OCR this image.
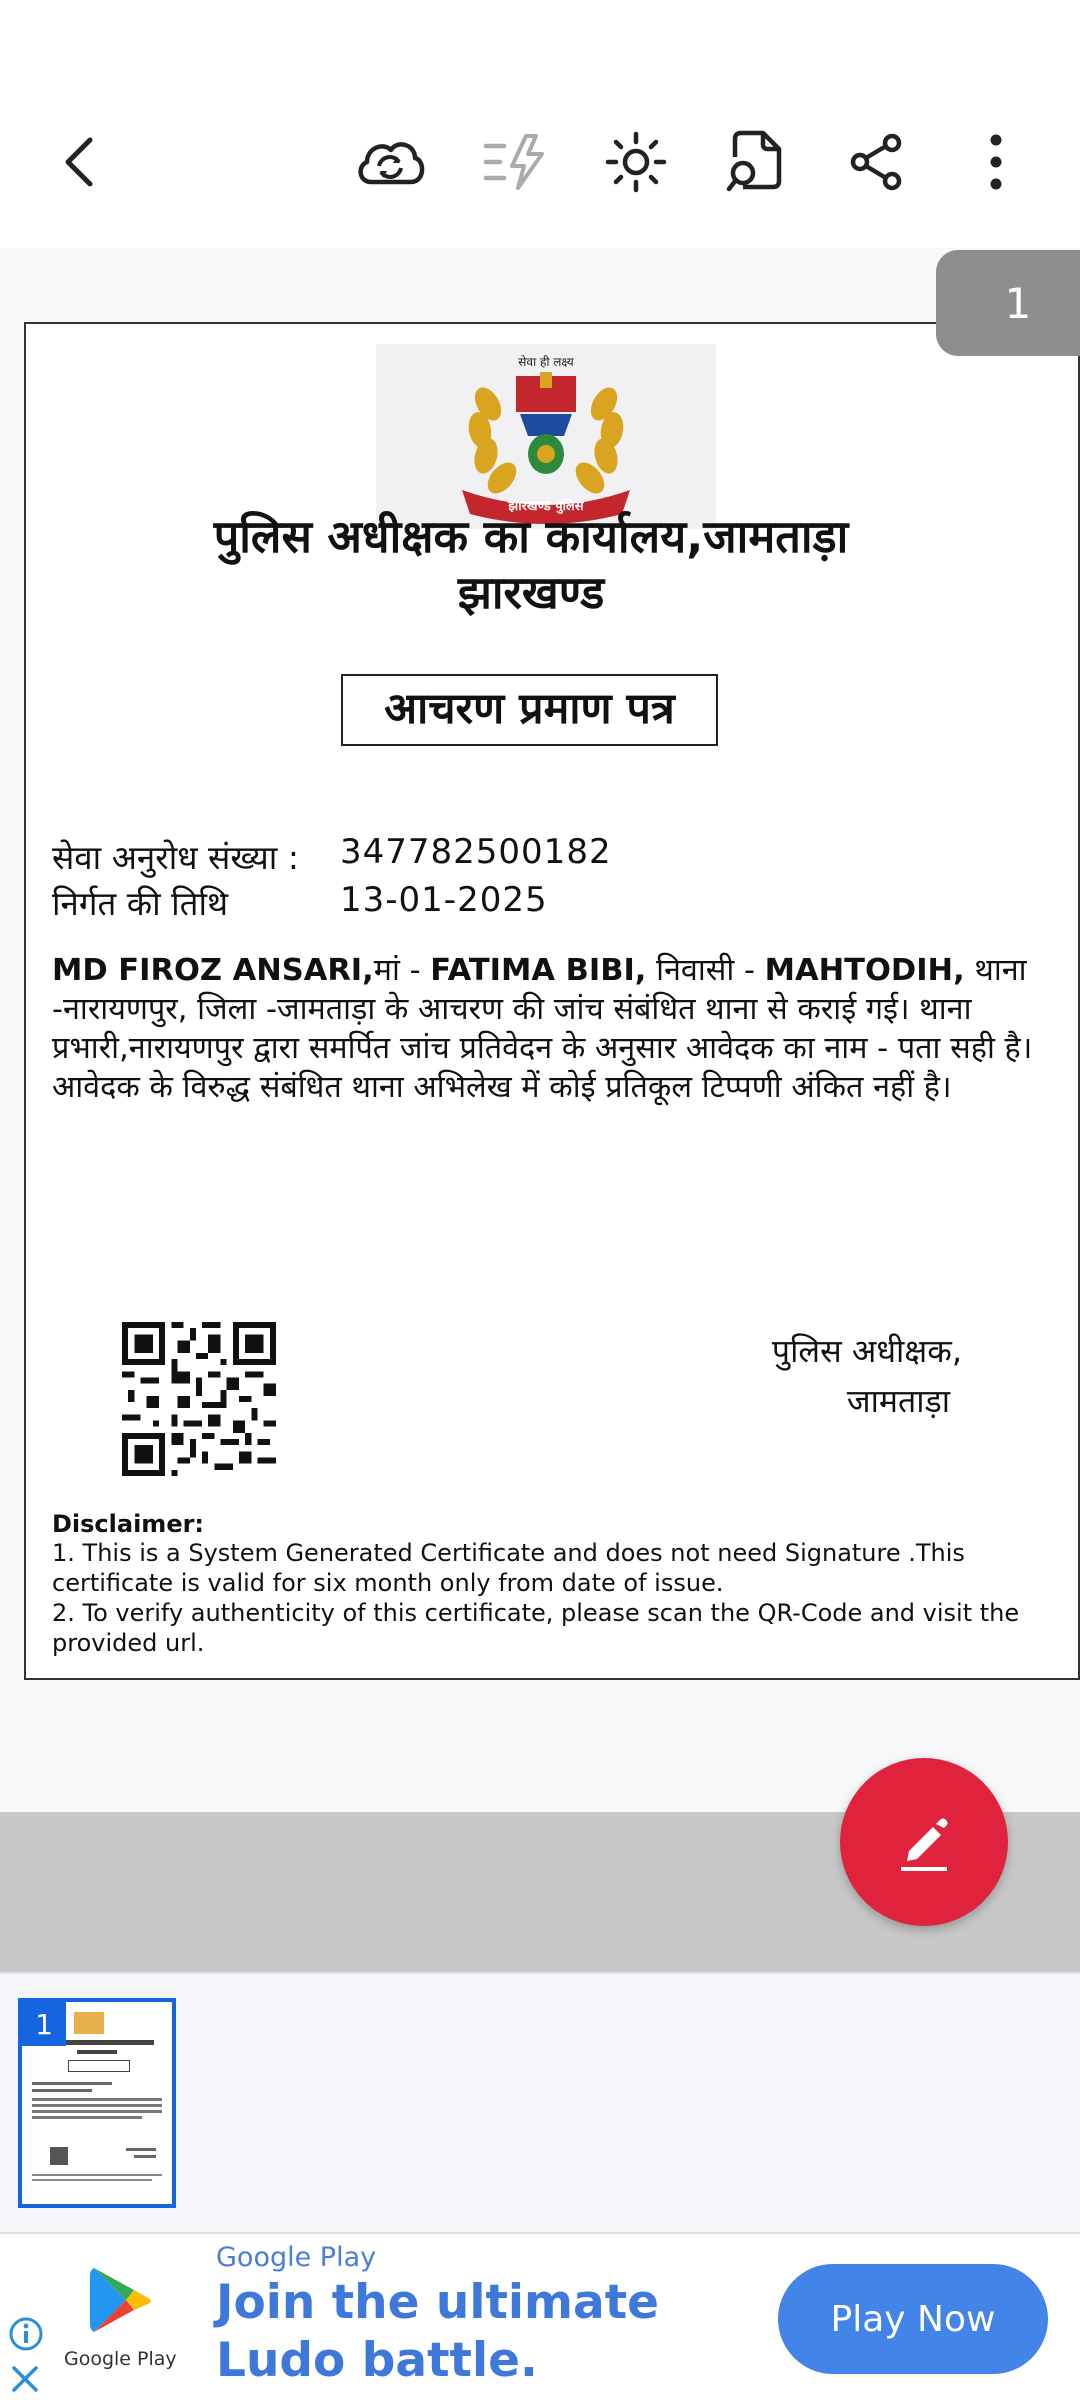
सेवा ही लक्ष्य
झारखण्ड पुलिस
पुलिस अधीक्षक का कार्यालय,जामताड़ा
झारखण्ड
आचरण प्रमाण पत्र
सेवा अनुरोध संख्या : 347782500182
निर्गत की तिथि	13-01-2025

MD FIROZ ANSARI,मां - FATIMA BIBI, निवासी - MAHTODIH, थाना -नारायणपुर, जिला -जामताड़ा के आचरण की जांच संबंधित थाना से कराई गई। थाना प्रभारी,नारायणपुर द्वारा समर्पित जांच प्रतिवेदन के अनुसार आवेदक का नाम - पता सही है। आवेदक के विरुद्ध संबंधित थाना अभिलेख में कोई प्रतिकूल टिप्पणी अंकित नहीं है।

पुलिस अधीक्षक,
जामताड़ा
Disclaimer:
1. This is a System Generated Certificate and does not need Signature .This certificate is valid for six month only from date of issue.
2. To verify authenticity of this certificate, please scan the QR-Code and visit the provided url.
1
1
Google Play
Google Play
Join the ultimate Ludo battle.
Play Now
